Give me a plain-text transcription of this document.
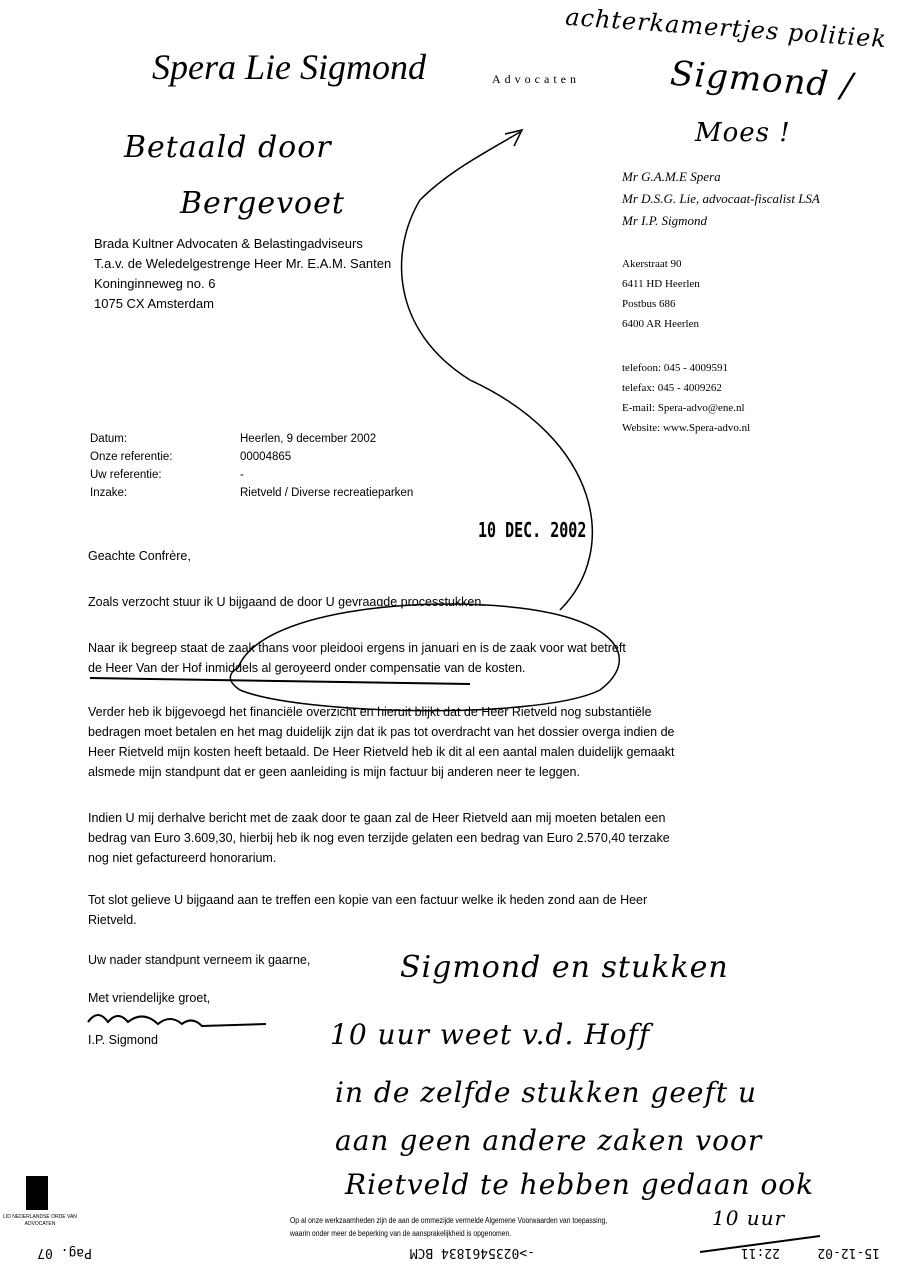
Spera Lie Sigmond	Advocaten
Mr G.A.M.E Spera
Mr D.S.G. Lie, advocaat-fiscalist LSA
Mr I.P. Sigmond
Akerstraat 90
6411 HD Heerlen
Postbus 686
6400 AR Heerlen
telefoon: 045 - 4009591
telefax: 045 - 4009262
E-mail: Spera-advo@ene.nl
Website: www.Spera-advo.nl
Brada Kultner Advocaten & Belastingadviseurs
T.a.v. de Weledelgestrenge Heer Mr. E.A.M. Santen
Koninginneweg no. 6
1075 CX Amsterdam
Datum:	Heerlen, 9 december 2002
Onze referentie:	00004865
Uw referentie:	-
Inzake:	Rietveld / Diverse recreatieparken
10 DEC. 2002
Geachte Confrère,
Zoals verzocht stuur ik U bijgaand de door U gevraagde processtukken.
Naar ik begreep staat de zaak thans voor pleidooi ergens in januari en is de zaak voor wat betreft
de Heer Van der Hof inmiddels al geroyeerd onder compensatie van de kosten.
Verder heb ik bijgevoegd het financiële overzicht en hieruit blijkt dat de Heer Rietveld nog substantiële
bedragen moet betalen en het mag duidelijk zijn dat ik pas tot overdracht van het dossier overga indien de
Heer Rietveld mijn kosten heeft betaald. De Heer Rietveld heb ik dit al een aantal malen duidelijk gemaakt
alsmede mijn standpunt dat er geen aanleiding is mijn factuur bij anderen neer te leggen.
Indien U mij derhalve bericht met de zaak door te gaan zal de Heer Rietveld aan mij moeten betalen een
bedrag van Euro 3.609,30, hierbij heb ik nog even terzijde gelaten een bedrag van Euro 2.570,40 terzake
nog niet gefactureerd honorarium.
Tot slot gelieve U bijgaand aan te treffen een kopie van een factuur welke ik heden zond aan de Heer
Rietveld.
Uw nader standpunt verneem ik gaarne,
Met vriendelijke groet,
I.P. Sigmond
achterkamertjes politiek
Sigmond /
Moes !
Betaald door
Bergevoet
Sigmond en stukken
10 uur weet v.d. Hoff
in de zelfde stukken geeft u
aan geen andere zaken voor
Rietveld te hebben gedaan ook
10 uur
LID NEDERLANDSE ORDE VAN ADVOCATEN	Op al onze werkzaamheden zijn de aan de ommezijde vermelde Algemene Voorwaarden van toepassing,
waarin onder meer de beperking van de aansprakelijkheid is opgenomen.
15-12-02
22:11
->0235461834 BCM
Pag. 07
